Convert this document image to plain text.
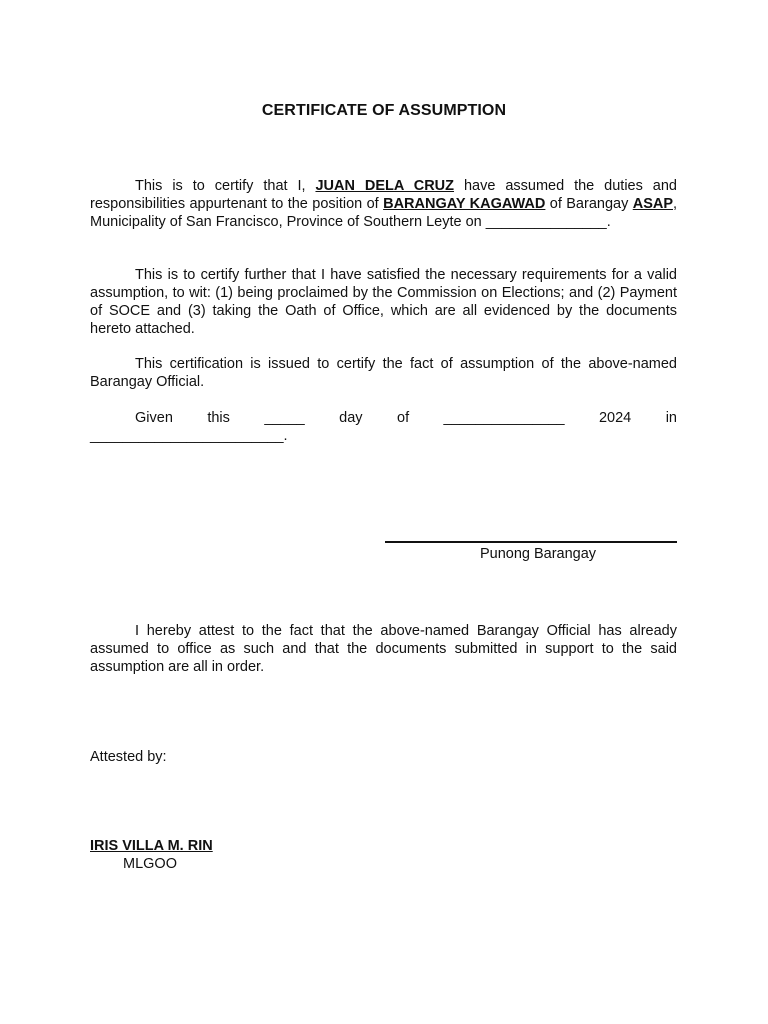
CERTIFICATE OF ASSUMPTION

This is to certify that I, JUAN DELA CRUZ have assumed the duties and responsibilities appurtenant to the position of BARANGAY KAGAWAD of Barangay ASAP, Municipality of San Francisco, Province of Southern Leyte on _______________.

This is to certify further that I have satisfied the necessary requirements for a valid assumption, to wit: (1) being proclaimed by the Commission on Elections; and (2) Payment of SOCE and (3) taking the Oath of Office, which are all evidenced by the documents hereto attached.

This certification is issued to certify the fact of assumption of the above-named Barangay Official.

Given this _____ day of _______________ 2024 in
________________________.
Punong Barangay

I hereby attest to the fact that the above-named Barangay Official has already assumed to office as such and that the documents submitted in support to the said assumption are all in order.

Attested by:
IRIS VILLA M. RIN
MLGOO
